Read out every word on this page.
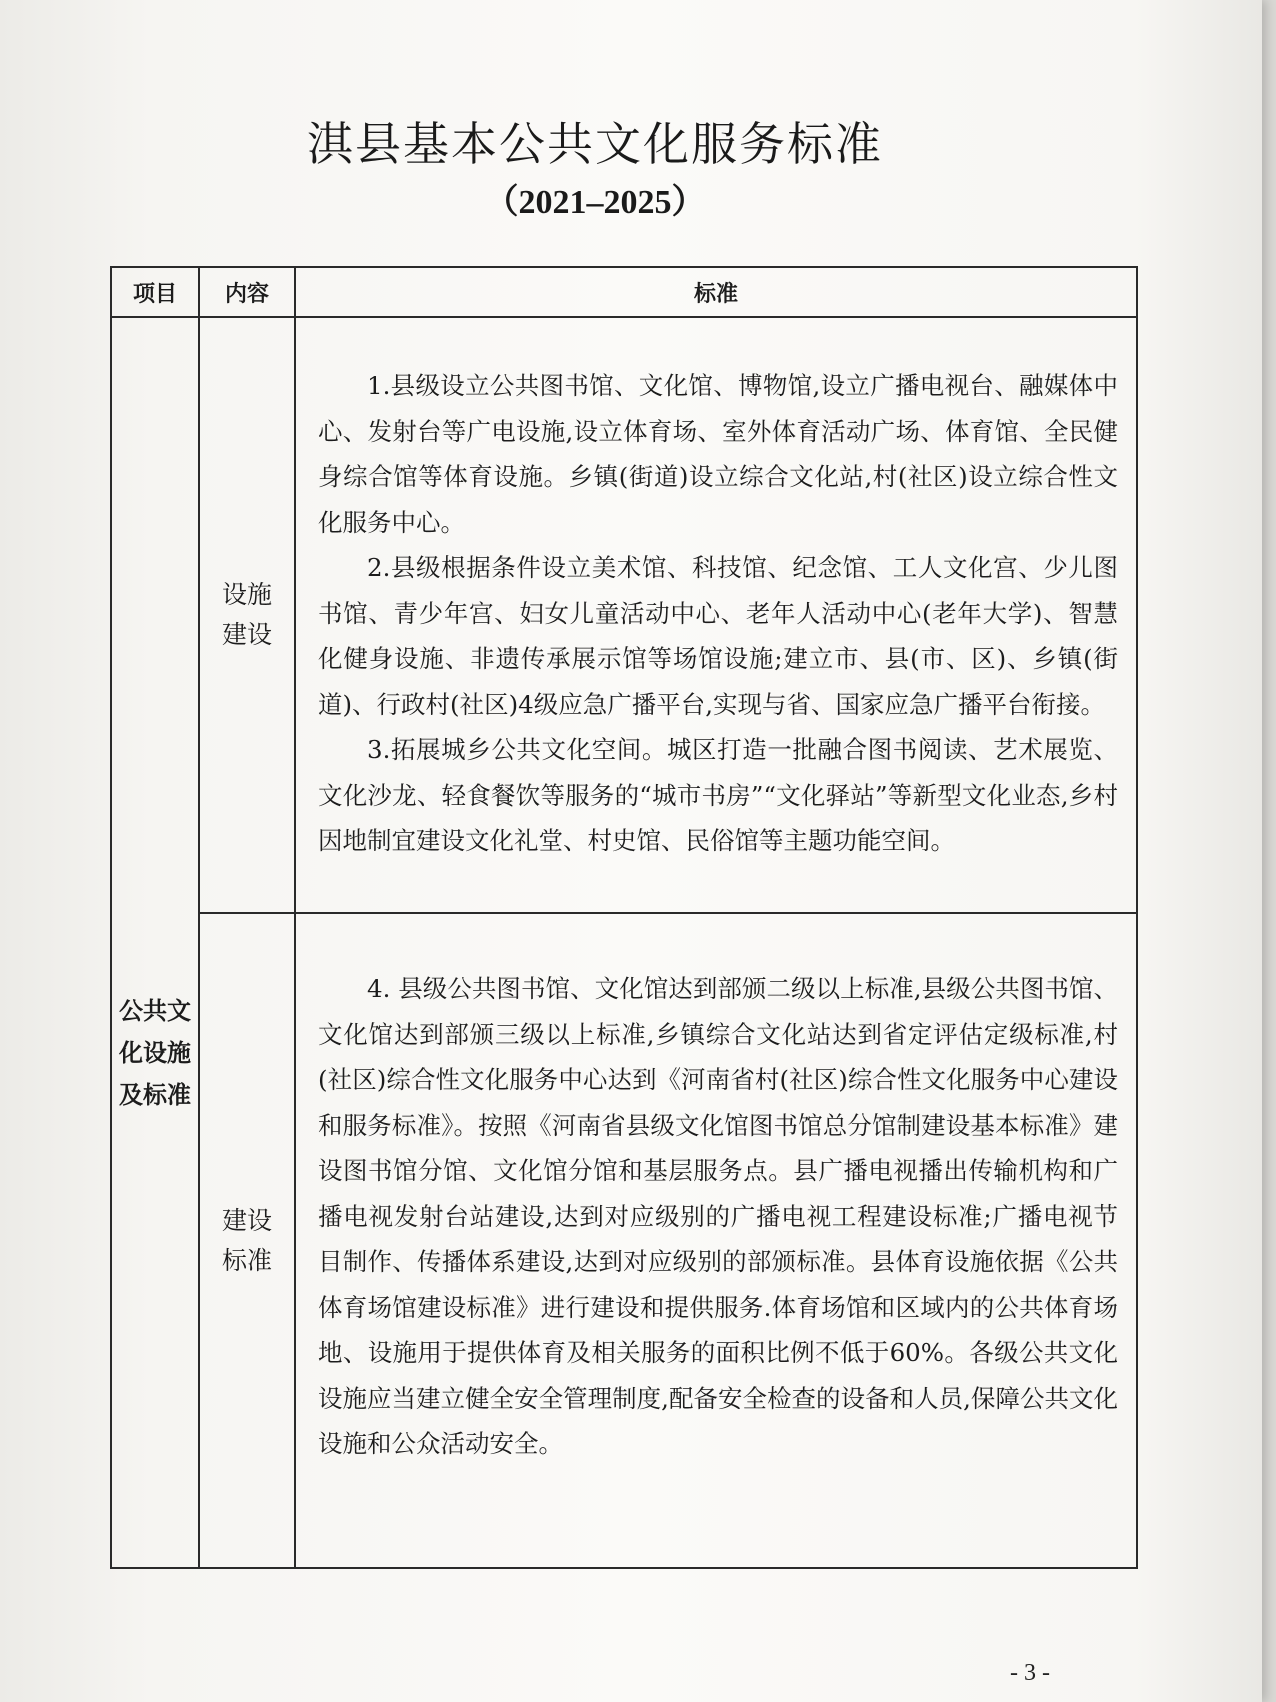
淇县基本公共文化服务标准
（2021–2025）
项目	内容	标准

公共文化设施及标准	设施建设	1.县级设立公共图书馆、文化馆、博物馆,设立广播电视台、融媒体中心、发射台等广电设施,设立体育场、室外体育活动广场、体育馆、全民健身综合馆等体育设施。乡镇(街道)设立综合文化站,村(社区)设立综合性文化服务中心。

2.县级根据条件设立美术馆、科技馆、纪念馆、工人文化宫、少儿图书馆、青少年宫、妇女儿童活动中心、老年人活动中心(老年大学)、智慧化健身设施、非遗传承展示馆等场馆设施;建立市、县(市、区)、乡镇(街道)、行政村(社区)4级应急广播平台,实现与省、国家应急广播平台衔接。

3.拓展城乡公共文化空间。城区打造一批融合图书阅读、艺术展览、文化沙龙、轻食餐饮等服务的“城市书房”“文化驿站”等新型文化业态,乡村因地制宜建设文化礼堂、村史馆、民俗馆等主题功能空间。

	建设标准	4. 县级公共图书馆、文化馆达到部颁二级以上标准,县级公共图书馆、文化馆达到部颁三级以上标准,乡镇综合文化站达到省定评估定级标准,村(社区)综合性文化服务中心达到《河南省村(社区)综合性文化服务中心建设和服务标准》。按照《河南省县级文化馆图书馆总分馆制建设基本标准》建设图书馆分馆、文化馆分馆和基层服务点。县广播电视播出传输机构和广播电视发射台站建设,达到对应级别的广播电视工程建设标准;广播电视节目制作、传播体系建设,达到对应级别的部颁标准。县体育设施依据《公共体育场馆建设标准》进行建设和提供服务.体育场馆和区域内的公共体育场地、设施用于提供体育及相关服务的面积比例不低于60%。各级公共文化设施应当建立健全安全管理制度,配备安全检查的设备和人员,保障公共文化设施和公众活动安全。

- 3 -
